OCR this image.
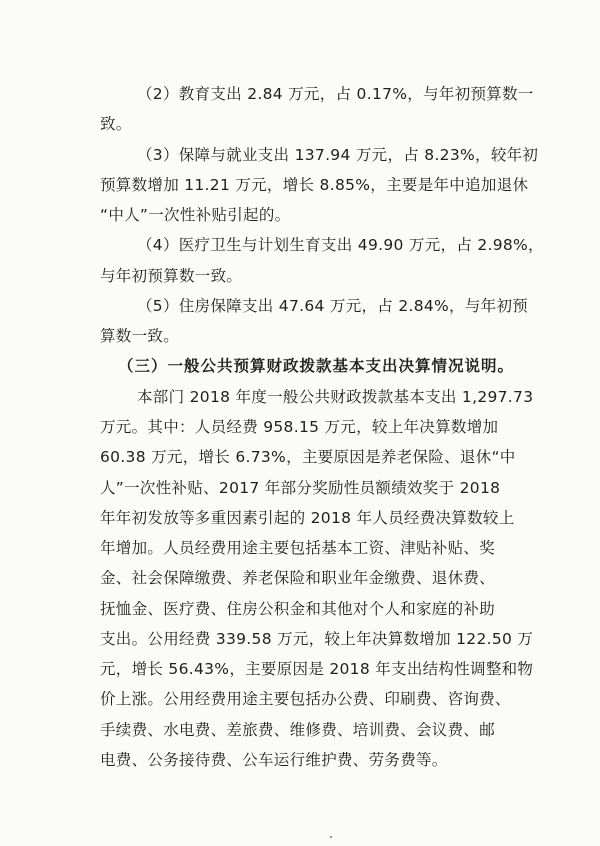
（2）教育支出 2.84 万元，占 0.17%，与年初预算数一
致。
（3）保障与就业支出 137.94 万元，占 8.23%，较年初
预算数增加 11.21 万元，增长 8.85%，主要是年中追加退休
“中人”一次性补贴引起的。
（4）医疗卫生与计划生育支出 49.90 万元，占 2.98%，
与年初预算数一致。
（5）住房保障支出 47.64 万元，占 2.84%，与年初预
算数一致。
（三）一般公共预算财政拨款基本支出决算情况说明。
本部门 2018 年度一般公共财政拨款基本支出 1,297.73
万元。其中：人员经费 958.15 万元，较上年决算数增加
60.38 万元，增长 6.73%，主要原因是养老保险、退休“中
人”一次性补贴、2017 年部分奖励性员额绩效奖于 2018
年年初发放等多重因素引起的 2018 年人员经费决算数较上
年增加。人员经费用途主要包括基本工资、津贴补贴、奖
金、社会保障缴费、养老保险和职业年金缴费、退休费、
抚恤金、医疗费、住房公积金和其他对个人和家庭的补助
支出。公用经费 339.58 万元，较上年决算数增加 122.50 万
元，增长 56.43%，主要原因是 2018 年支出结构性调整和物
价上涨。公用经费用途主要包括办公费、印刷费、咨询费、
手续费、水电费、差旅费、维修费、培训费、会议费、邮
电费、公务接待费、公车运行维护费、劳务费等。
